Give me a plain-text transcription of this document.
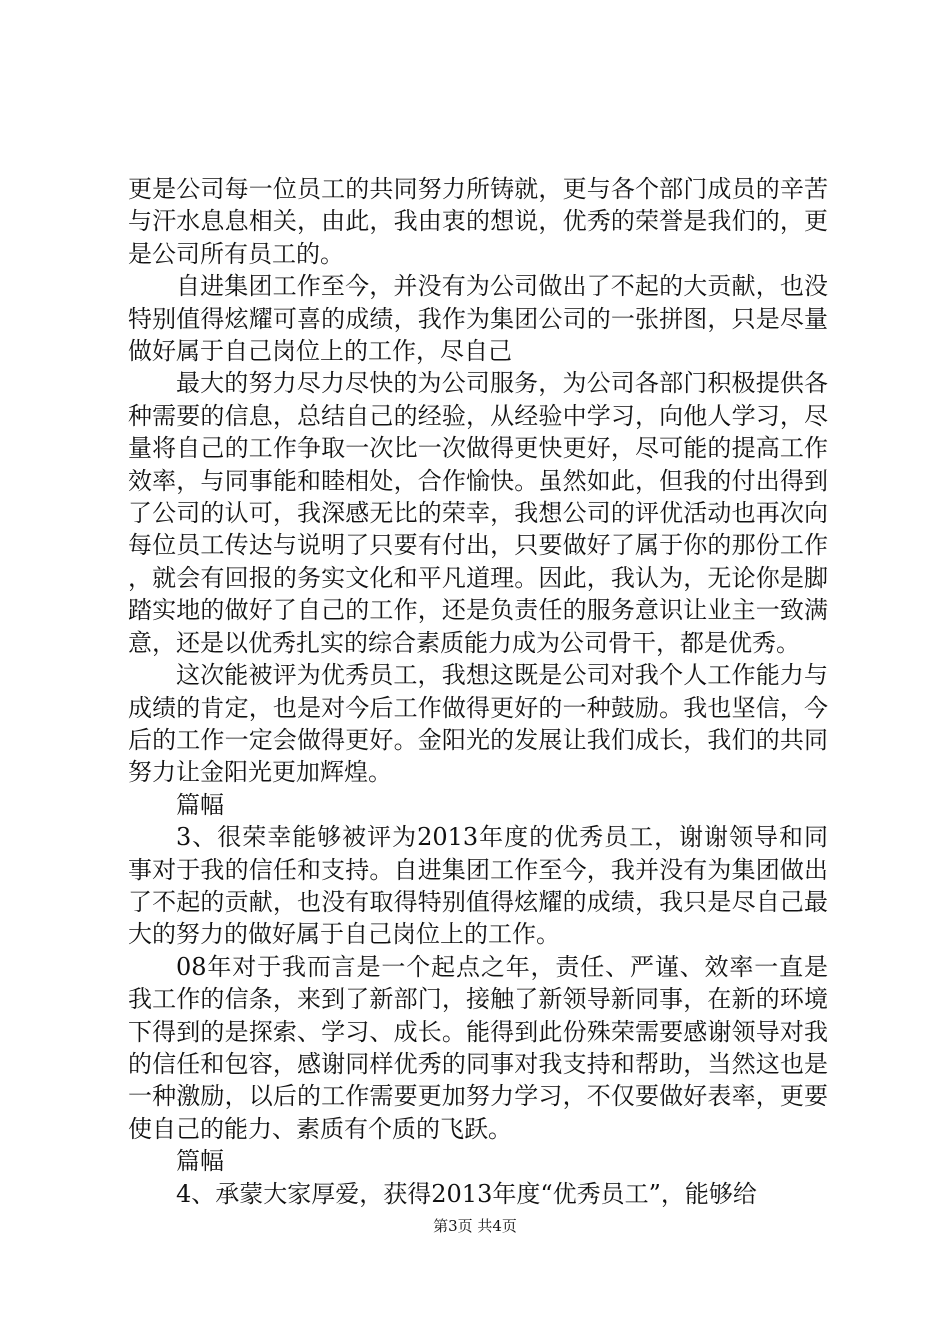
更是公司每一位员工的共同努力所铸就，更与各个部门成员的辛苦与汗水息息相关，由此，我由衷的想说，优秀的荣誉是我们的，更是公司所有员工的。

自进集团工作至今，并没有为公司做出了不起的大贡献，也没特别值得炫耀可喜的成绩，我作为集团公司的一张拼图，只是尽量做好属于自己岗位上的工作，尽自己

最大的努力尽力尽快的为公司服务，为公司各部门积极提供各种需要的信息，总结自己的经验，从经验中学习，向他人学习，尽量将自己的工作争取一次比一次做得更快更好，尽可能的提高工作效率，与同事能和睦相处，合作愉快。虽然如此，但我的付出得到了公司的认可，我深感无比的荣幸，我想公司的评优活动也再次向每位员工传达与说明了只要有付出，只要做好了属于你的那份工作，就会有回报的务实文化和平凡道理。因此，我认为，无论你是脚踏实地的做好了自己的工作，还是负责任的服务意识让业主一致满意，还是以优秀扎实的综合素质能力成为公司骨干，都是优秀。

这次能被评为优秀员工，我想这既是公司对我个人工作能力与成绩的肯定，也是对今后工作做得更好的一种鼓励。我也坚信，今后的工作一定会做得更好。金阳光的发展让我们成长，我们的共同努力让金阳光更加辉煌。

篇幅

3、很荣幸能够被评为2013年度的优秀员工，谢谢领导和同事对于我的信任和支持。自进集团工作至今，我并没有为集团做出了不起的贡献，也没有取得特别值得炫耀的成绩，我只是尽自己最大的努力的做好属于自己岗位上的工作。

08年对于我而言是一个起点之年，责任、严谨、效率一直是我工作的信条，来到了新部门，接触了新领导新同事，在新的环境下得到的是探索、学习、成长。能得到此份殊荣需要感谢领导对我的信任和包容，感谢同样优秀的同事对我支持和帮助，当然这也是一种激励，以后的工作需要更加努力学习，不仅要做好表率，更要使自己的能力、素质有个质的飞跃。

篇幅

4、承蒙大家厚爱，获得2013年度“优秀员工”，能够给

第3页 共4页
